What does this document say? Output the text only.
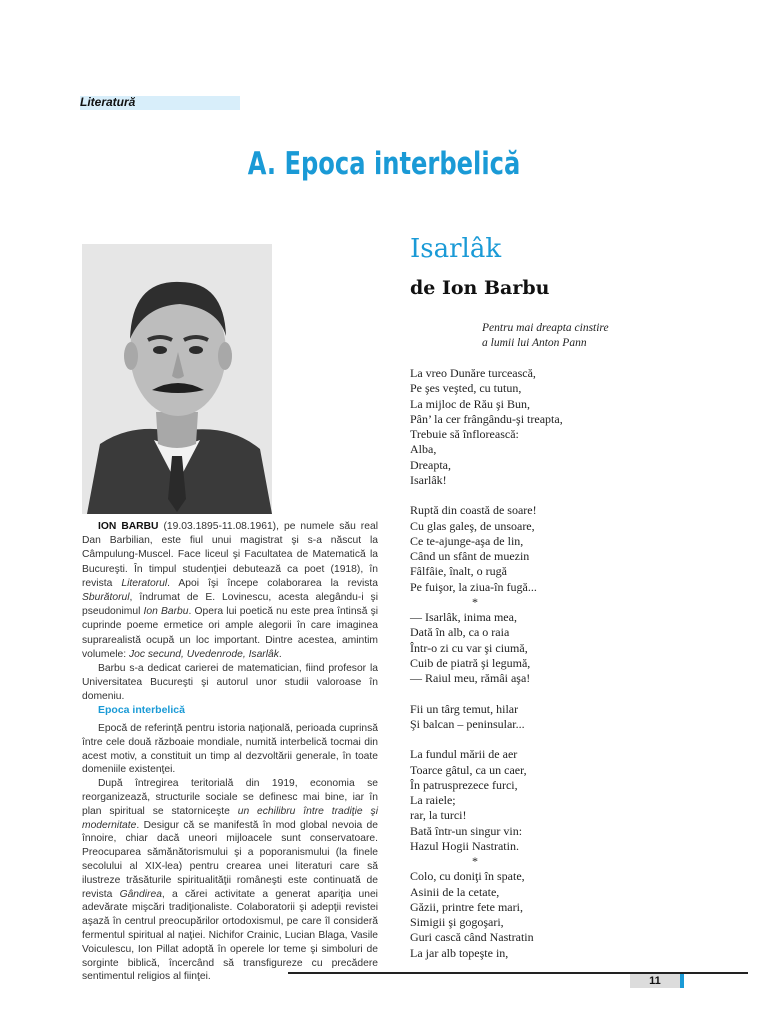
Literatură
A. Epoca interbelică

ION BARBU (19.03.1895-11.08.1961), pe numele său real Dan Barbilian, este fiul unui magistrat şi s-a născut la Câmpulung-Muscel. Face liceul şi Facultatea de Matematică la Bucureşti. În timpul studenţiei debutează ca poet (1918), în revista Literatorul. Apoi îşi începe colaborarea la revista Sburătorul, îndrumat de E. Lovinescu, acesta alegându-i şi pseudonimul Ion Barbu. Opera lui poetică nu este prea întinsă şi cuprinde poeme ermetice ori ample alegorii în care imaginea suprarealistă ocupă un loc important. Dintre acestea, amintim volumele: Joc secund, Uvedenrode, Isarlâk.

Barbu s-a dedicat carierei de matematician, fiind profesor la Universitatea Bucureşti şi autorul unor studii valoroase în domeniu.

Epoca interbelică

Epocă de referinţă pentru istoria naţională, perioada cuprinsă între cele două războaie mondiale, numită interbelică tocmai din acest motiv, a constituit un timp al dezvoltării generale, în toate domeniile existenţei.

După întregirea teritorială din 1919, economia se reorganizează, structurile sociale se definesc mai bine, iar în plan spiritual se statorniceşte un echilibru între tradiţie şi modernitate. Desigur că se manifestă în mod global nevoia de înnoire, chiar dacă uneori mijloacele sunt conservatoare. Preocuparea sămănătorismului şi a poporanismului (la finele secolului al XIX-lea) pentru crearea unei literaturi care să ilustreze trăsăturile spiritualităţii româneşti este continuată de revista Gândirea, a cărei activitate a generat apariţia unei adevărate mişcări tradiţionaliste. Colaboratorii şi adepţii revistei aşază în centrul preocupărilor ortodoxismul, pe care îl consideră fermentul spiritual al naţiei. Nichifor Crainic, Lucian Blaga, Vasile Voiculescu, Ion Pillat adoptă în operele lor teme şi simboluri de sorginte biblică, încercând să transfigureze cu precădere sentimentul religios al fiinţei.

Isarlâk
de Ion Barbu
Pentru mai dreapta cinstire
a lumii lui Anton Pann
La vreo Dunăre turcească,
Pe şes veşted, cu tutun,
La mijloc de Rău şi Bun,
Pân’ la cer frângându-şi treapta,
Trebuie să înflorească:
Alba,
Dreapta,
Isarlâk!
Ruptă din coastă de soare!
Cu glas galeş, de unsoare,
Ce te-ajunge-aşa de lin,
Când un sfânt de muezin
Fâlfâie, înalt, o rugă
Pe fuişor, la ziua-în fugă...
*
— Isarlâk, inima mea,
Dată în alb, ca o raia
Într-o zi cu var şi ciumă,
Cuib de piatră şi legumă,
— Raiul meu, rămâi aşa!
Fii un târg temut, hilar
Şi balcan – peninsular...
La fundul mării de aer
Toarce gâtul, ca un caer,
În patrusprezece furci,
La raiele;
rar, la turci!
Bată într-un singur vin:
Hazul Hogii Nastratin.
*
Colo, cu doniţi în spate,
Asinii de la cetate,
Găzii, printre fete mari,
Simigii şi gogoşari,
Guri cască când Nastratin
La jar alb topeşte in,
11
